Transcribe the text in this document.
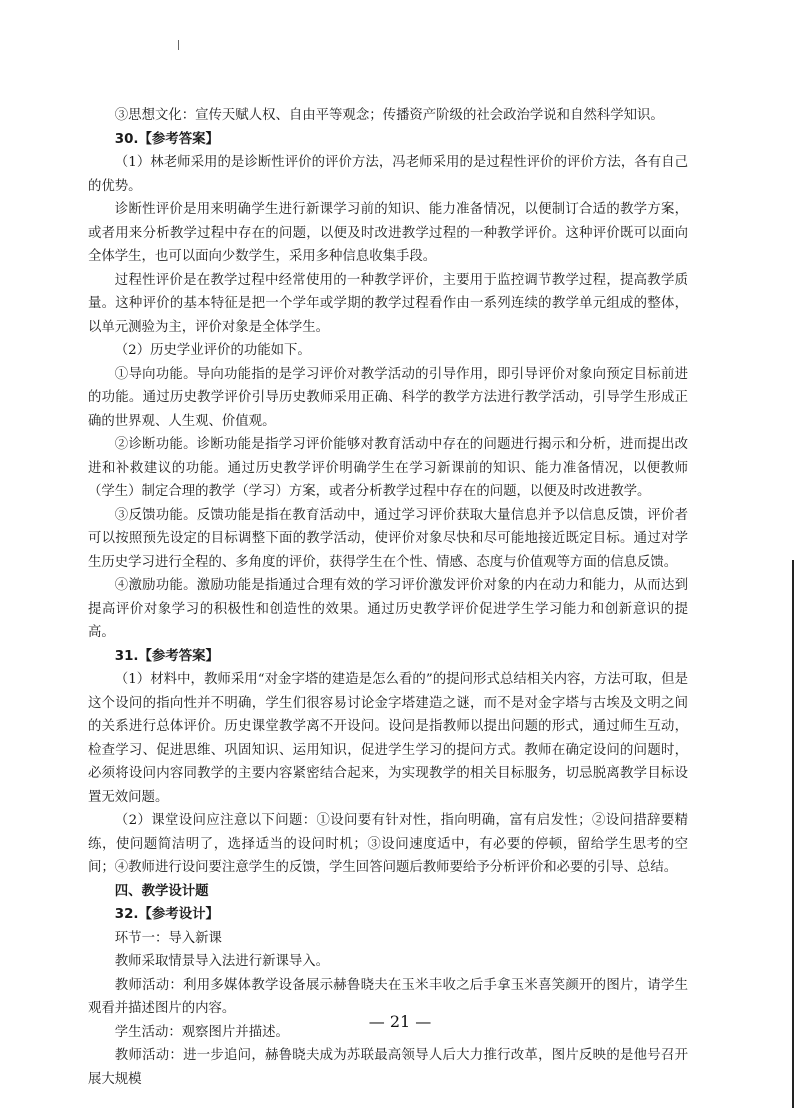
③思想文化：宣传天赋人权、自由平等观念；传播资产阶级的社会政治学说和自然科学知识。

30.【参考答案】

（1）林老师采用的是诊断性评价的评价方法，冯老师采用的是过程性评价的评价方法，各有自己的优势。

诊断性评价是用来明确学生进行新课学习前的知识、能力准备情况，以便制订合适的教学方案，或者用来分析教学过程中存在的问题，以便及时改进教学过程的一种教学评价。这种评价既可以面向全体学生，也可以面向少数学生，采用多种信息收集手段。

过程性评价是在教学过程中经常使用的一种教学评价，主要用于监控调节教学过程，提高教学质量。这种评价的基本特征是把一个学年或学期的教学过程看作由一系列连续的教学单元组成的整体，以单元测验为主，评价对象是全体学生。

（2）历史学业评价的功能如下。

①导向功能。导向功能指的是学习评价对教学活动的引导作用，即引导评价对象向预定目标前进的功能。通过历史教学评价引导历史教师采用正确、科学的教学方法进行教学活动，引导学生形成正确的世界观、人生观、价值观。

②诊断功能。诊断功能是指学习评价能够对教育活动中存在的问题进行揭示和分析，进而提出改进和补救建议的功能。通过历史教学评价明确学生在学习新课前的知识、能力准备情况，以便教师（学生）制定合理的教学（学习）方案，或者分析教学过程中存在的问题，以便及时改进教学。

③反馈功能。反馈功能是指在教育活动中，通过学习评价获取大量信息并予以信息反馈，评价者可以按照预先设定的目标调整下面的教学活动，使评价对象尽快和尽可能地接近既定目标。通过对学生历史学习进行全程的、多角度的评价，获得学生在个性、情感、态度与价值观等方面的信息反馈。

④激励功能。激励功能是指通过合理有效的学习评价激发评价对象的内在动力和能力，从而达到提高评价对象学习的积极性和创造性的效果。通过历史教学评价促进学生学习能力和创新意识的提高。

31.【参考答案】

（1）材料中，教师采用“对金字塔的建造是怎么看的”的提问形式总结相关内容，方法可取，但是这个设问的指向性并不明确，学生们很容易讨论金字塔建造之谜，而不是对金字塔与古埃及文明之间的关系进行总体评价。历史课堂教学离不开设问。设问是指教师以提出问题的形式，通过师生互动，检查学习、促进思维、巩固知识、运用知识，促进学生学习的提问方式。教师在确定设问的问题时，必须将设问内容同教学的主要内容紧密结合起来，为实现教学的相关目标服务，切忌脱离教学目标设置无效问题。

（2）课堂设问应注意以下问题：①设问要有针对性，指向明确，富有启发性；②设问措辞要精练，使问题简洁明了，选择适当的设问时机；③设问速度适中，有必要的停顿，留给学生思考的空间；④教师进行设问要注意学生的反馈，学生回答问题后教师要给予分析评价和必要的引导、总结。

四、教学设计题

32.【参考设计】

环节一：导入新课

教师采取情景导入法进行新课导入。

教师活动：利用多媒体教学设备展示赫鲁晓夫在玉米丰收之后手拿玉米喜笑颜开的图片，请学生观看并描述图片的内容。

学生活动：观察图片并描述。

教师活动：进一步追问，赫鲁晓夫成为苏联最高领导人后大力推行改革，图片反映的是他号召开展大规模

— 21 —
